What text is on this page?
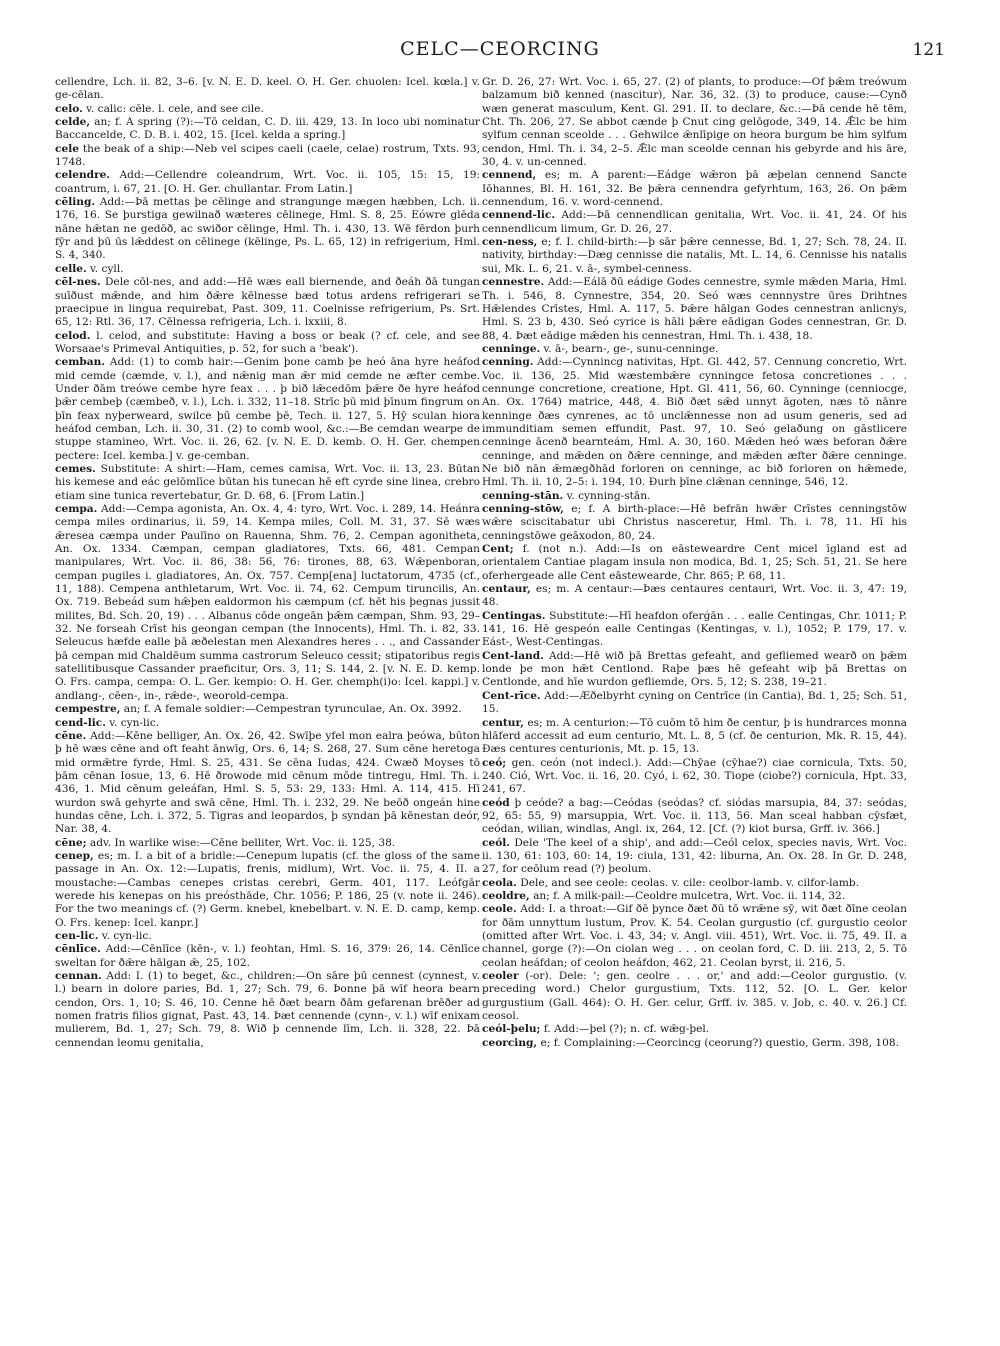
CELC—CEORCING	121

cellendre, Lch. ii. 82, 3–6. [v. N. E. D. keel. O. H. Ger. chuolen: Icel. kœla.] v. ge-cēlan.

celo. v. calic: cēle. l. cele, and see cile.

celde, an; f. A spring (?):—Tō celdan, C. D. iii. 429, 13. In loco ubi nominatur Baccancelde, C. D. B. i. 402, 15. [Icel. kelda a spring.]

cele the beak of a ship:—Neb vel scipes caeli (caele, celae) rostrum, Txts. 93, 1748.

celendre. Add:—Cellendre coleandrum, Wrt. Voc. ii. 105, 15: 15, 19: coantrum, i. 67, 21. [O. H. Ger. chullantar. From Latin.]

cēling. Add:—Þā mettas þe cēlinge and strangunge mægen hæbben, Lch. ii. 176, 16. Se þurstiga gewilnað wæteres cēlinege, Hml. S. 8, 25. Eówre glēda nāne hǣtan ne gedōð, ac swiðor cēlinge, Hml. Th. i. 430, 13. Wē fērdon þurh fȳr and þū ūs lǣddest on cēlinege (kēlinge, Ps. L. 65, 12) in refrigerium, Hml. S. 4, 340.

celle. v. cyll.

cēl-nes. Dele cōl-nes, and add:—Hē wæs eall biernende, and ðeáh ðā tungan suīðust mǣnde, and him ðǣre kēlnesse bæd totus ardens refrigerari se praecipue in lingua requirebat, Past. 309, 11. Coelnisse refrigerium, Ps. Srt. 65, 12: Rtl. 36, 17. Cēlnessa refrigeria, Lch. i. lxxiii, 8.

celod. l. celod, and substitute: Having a boss or beak (? cf. cele, and see Worsaae's Primeval Antiquities, p. 52, for such a 'beak').

cemban. Add: (1) to comb hair:—Genim þone camb þe heó āna hyre heáfod mid cemde (cæmde, v. l.), and nǣnig man ǣr mid cemde ne æfter cembe. Under ðām treówe cembe hyre feax . . . þ bið lǣcedōm þǣre ðe hyre heáfod þǣr cembeþ (cæmbeð, v. l.), Lch. i. 332, 11–18. Strīc þū mid þīnum fingrum on þīn feax nyþerweard, swilce þū cembe þē, Tech. ii. 127, 5. Hȳ sculan hiora heáfod cemban, Lch. ii. 30, 31. (2) to comb wool, &c.:—Be cemdan wearpe de stuppe stamineo, Wrt. Voc. ii. 26, 62. [v. N. E. D. kemb. O. H. Ger. chempen pectere: Icel. kemba.] v. ge-cemban.

cemes. Substitute: A shirt:—Ham, cemes camisa, Wrt. Voc. ii. 13, 23. Būtan his kemese and eác gelōmlīce būtan his tunecan hē eft cyrde sine linea, crebro etiam sine tunica revertebatur, Gr. D. 68, 6. [From Latin.]

cempa. Add:—Cempa agonista, An. Ox. 4, 4: tyro, Wrt. Voc. i. 289, 14. Heánra cempa miles ordinarius, ii. 59, 14. Kempa miles, Coll. M. 31, 37. Sē wæs ǣresea cæmpa under Paulīno on Rauenna, Shm. 76, 2. Cempan agonitheta, An. Ox. 1334. Cæmpan, cempan gladiatores, Txts. 66, 481. Cempan manipulares, Wrt. Voc. ii. 86, 38: 56, 76: tirones, 88, 63. Wǣpenboran, cempan pugiles i. gladiatores, An. Ox. 757. Cemp[ena] luctatorum, 4735 (cf., 11, 188). Cempena anthletarum, Wrt. Voc. ii. 74, 62. Cempum tiruncilis, An. Ox. 719. Bebeád sum hǣþen ealdormon his cæmpum (cf. hēt his þegnas jussit milites, Bd. Sch. 20, 19) . . . Albanus cōde ongeān þǣm cæmpan, Shm. 93, 29–32. Ne forseah Crīst his geongan cempan (the Innocents), Hml. Th. i. 82, 33. Seleucus hæfde ealle þā æðelestan men Alexandres heres . . ., and Cassander þā cempan mid Chaldēum summa castrorum Seleuco cessit; stipatoribus regis satellitibusque Cassander praeficitur, Ors. 3, 11; S. 144, 2. [v. N. E. D. kemp. O. Frs. campa, cempa: O. L. Ger. kempio: O. H. Ger. chemph(i)o: Icel. kappi.] v. andlang-, cēen-, in-, rǣde-, weorold-cempa.

cempestre, an; f. A female soldier:—Cempestran tyrunculae, An. Ox. 3992.

cend-lic. v. cyn-lic.

cēne. Add:—Kēne belliger, An. Ox. 26, 42. Swīþe yfel mon ealra þeówa, būton þ hē wæs cēne and oft feaht ānwīg, Ors. 6, 14; S. 268, 27. Sum cēne heretoga mid ormǣtre fyrde, Hml. S. 25, 431. Se cēna Iudas, 424. Cwæð Moyses tō þām cēnan Iosue, 13, 6. Hē ðrowode mid cēnum mōde tintregu, Hml. Th. i. 436, 1. Mid cēnum geleáfan, Hml. S. 5, 53: 29, 133: Hml. A. 114, 415. Hī wurdon swā gehyrte and swā cēne, Hml. Th. i. 232, 29. Ne beōð ongeán hine hundas cēne, Lch. i. 372, 5. Tigras and leopardos, þ syndan þā kēnestan deór, Nar. 38, 4.

cēne; adv. In warlike wise:—Cēne belliter, Wrt. Voc. ii. 125, 38.

cenep, es; m. I. a bit of a bridle:—Cenepum lupatis (cf. the gloss of the same passage in An. Ox. 12:—Lupatis, frenis, midlum), Wrt. Voc. ii. 75, 4. II. a moustache:—Cambas cenepes cristas cerebri, Germ. 401, 117. Leófgār werede his kenepas on his preósthāde, Chr. 1056; P. 186, 25 (v. note ii. 246). For the two meanings cf. (?) Germ. knebel, knebelbart. v. N. E. D. camp, kemp. O. Frs. kenep: Icel. kanpr.]

cen-lic. v. cyn-lic.

cēnlīce. Add:—Cēnlīce (kēn-, v. l.) feohtan, Hml. S. 16, 379: 26, 14. Cēnlīce sweltan for ðǣre hālgan ǣ, 25, 102.

cennan. Add: I. (1) to beget, &c., children:—On sāre þū cennest (cynnest, v. l.) bearn in dolore paries, Bd. 1, 27; Sch. 79, 6. Þonne þā wīf heora bearn cendon, Ors. 1, 10; S. 46, 10. Cenne hē ðæt bearn ðām gefarenan brēðer ad nomen fratris filios gignat, Past. 43, 14. Þæt cennende (cynn-, v. l.) wīf enixam mulierem, Bd. 1, 27; Sch. 79, 8. Wið þ cennende līm, Lch. ii. 328, 22. Þā cennendan leomu genitalia,

Gr. D. 26, 27: Wrt. Voc. i. 65, 27. (2) of plants, to produce:—Of þǣm treówum balzamum bið kenned (nascitur), Nar. 36, 32. (3) to produce, cause:—Cynð wæn generat masculum, Kent. Gl. 291. II. to declare, &c.:—Þā cende hē tēm, Cht. Th. 206, 27. Se abbot cænde þ Cnut cing gelōgode, 349, 14. Ǣlc be him sylfum cennan sceolde . . . Gehwilce ǣnlīpige on heora burgum be him sylfum cendon, Hml. Th. i. 34, 2–5. Ǣlc man sceolde cennan his gebyrde and his āre, 30, 4. v. un-cenned.

cennend, es; m. A parent:—Eádge wǣron þā æþelan cennend Sancte Iōhannes, Bl. H. 161, 32. Be þǣra cennendra gefyrhtum, 163, 26. On þǣm cennendum, 16. v. word-cennend.

cennend-lic. Add:—Þā cennendlican genitalia, Wrt. Voc. ii. 41, 24. Of his cennendlicum limum, Gr. D. 26, 27.

cen-ness, e; f. I. child-birth:—þ sār þǣre cennesse, Bd. 1, 27; Sch. 78, 24. II. nativity, birthday:—Dæg cennisse die natalis, Mt. L. 14, 6. Cennisse his natalis sui, Mk. L. 6, 21. v. ā-, symbel-cenness.

cennestre. Add:—Eálā ðū eádige Godes cennestre, symle mǣden Maria, Hml. Th. i. 546, 8. Cynnestre, 354, 20. Seó wæs cennnystre ūres Drihtnes Hǣlendes Crīstes, Hml. A. 117, 5. Þǣre hālgan Godes cennestran anlicnys, Hml. S. 23 b, 430. Seó cyrice is hāli þǣre eādigan Godes cennestran, Gr. D. 88, 4. Þæt eādige mǣden his cennestran, Hml. Th. i. 438, 18.

cenninge. v. ā-, bearn-, ge-, sunu-cenninge.

cenning. Add:—Cynnincg nativitas, Hpt. Gl. 442, 57. Cennung concretio, Wrt. Voc. ii. 136, 25. Mid wæstembǣre cynningce fetosa concretiones . . . cennunge concretione, creatione, Hpt. Gl. 411, 56, 60. Cynninge (cenniocge, An. Ox. 1764) matrice, 448, 4. Bið ðæt sǣd unnyt āgoten, næs tō nānre kenninge ðæs cynrenes, ac tō unclǣnnesse non ad usum generis, sed ad immunditiam semen effundit, Past. 97, 10. Seó gelaðung on gāstlicere cenninge ācenð bearnteám, Hml. A. 30, 160. Mǣden heó wæs beforan ðǣre cenninge, and mǣden on ðǣre cenninge, and mǣden æfter ðǣre cenninge. Ne bið nān ǣmægðhād forloren on cenninge, ac bið forloren on hǣmede, Hml. Th. ii. 10, 2–5: i. 194, 10. Ðurh þīne clǣnan cenninge, 546, 12.

cenning-stān. v. cynning-stān.

cenning-stōw, e; f. A birth-place:—Hē befrān hwǣr Crīstes cenningstōw wǣre sciscitabatur ubi Christus nasceretur, Hml. Th. i. 78, 11. Hī his cenningstōwe geāxodon, 80, 24.

Cent; f. (not n.). Add:—Is on eāsteweardre Cent micel īgland est ad orientalem Cantiae plagam insula non modica, Bd. 1, 25; Sch. 51, 21. Se here oferhergeade alle Cent eāstewearde, Chr. 865; P. 68, 11.

centaur, es; m. A centaur:—Þæs centaures centauri, Wrt. Voc. ii. 3, 47: 19, 48.

Centingas. Substitute:—Hī heafdon oferǵān . . . ealle Centingas, Chr. 1011; P. 141, 16. Hē gespeón ealle Centingas (Kentingas, v. l.), 1052; P. 179, 17. v. Eást-, West-Centingas.

Cent-land. Add:—Hē wið þā Brettas gefeaht, and gefliemed wearð on þǣm londe þe mon hǣt Centlond. Raþe þæs hē gefeaht wiþ þā Brettas on Centlonde, and hīe wurdon gefliemde, Ors. 5, 12; S. 238, 19–21.

Cent-rīce. Add:—Æðelbyrht cyning on Centrīce (in Cantia), Bd. 1, 25; Sch. 51, 15.

centur, es; m. A centurion:—Tō cuōm tō him ðe centur, þ is hundrarces monna hlāferd accessit ad eum centurio, Mt. L. 8, 5 (cf. ðe centurion, Mk. R. 15, 44). Ðæs centures centurionis, Mt. p. 15, 13.

ceó; gen. ceón (not indecl.). Add:—Chȳae (cȳhae?) ciae cornicula, Txts. 50, 240. Ció, Wrt. Voc. ii. 16, 20. Cyó, i. 62, 30. Tiope (ciobe?) cornicula, Hpt. 33, 241, 67.

ceód þ ceóde? a bag:—Ceódas (seódas? cf. siódas marsupia, 84, 37: seódas, 92, 65: 55, 9) marsuppia, Wrt. Voc. ii. 113, 56. Man sceal habban cȳsfæt, ceódan, wilian, windlas, Angl. ix, 264, 12. [Cf. (?) kiot bursa, Grff. iv. 366.]

ceól. Dele 'The keel of a ship', and add:—Ceól celox, species navis, Wrt. Voc. ii. 130, 61: 103, 60: 14, 19: ciula, 131, 42: liburna, An. Ox. 28. In Gr. D. 248, 27, for ceōlum read (?) þeolum.

ceola. Dele, and see ceole: ceolas. v. cile: ceolbor-lamb. v. cilfor-lamb.

ceoldre, an; f. A milk-pail:—Ceoldre mulcetra, Wrt. Voc. ii. 114, 32.

ceole. Add: I. a throat:—Gif ðē þynce ðæt ðū tō wrǣne sȳ, wit ðæt ðīne ceolan for ðām unnyttum lustum, Prov. K. 54. Ceolan gurgustio (cf. gurgustio ceolor (omitted after Wrt. Voc. i. 43, 34; v. Angl. viii. 451), Wrt. Voc. ii. 75, 49. II. a channel, gorge (?):—On ciolan weg . . . on ceolan ford, C. D. iii. 213, 2, 5. Tō ceolan heáfdan; of ceolon heáfdon, 462, 21. Ceolan byrst, ii. 216, 5.

ceoler (-or). Dele: '; gen. ceolre . . . or,' and add:—Ceolor gurgustio. (v. preceding word.) Chelor gurgustium, Txts. 112, 52. [O. L. Ger. kelor gurgustium (Gall. 464): O. H. Ger. celur, Grff. iv. 385. v. Job, c. 40. v. 26.] Cf. ceosol.

ceól-þelu; f. Add:—þel (?); n. cf. wǣg-þel.

ceorcing, e; f. Complaining:—Ceorcincg (ceorung?) questio, Germ. 398, 108.
